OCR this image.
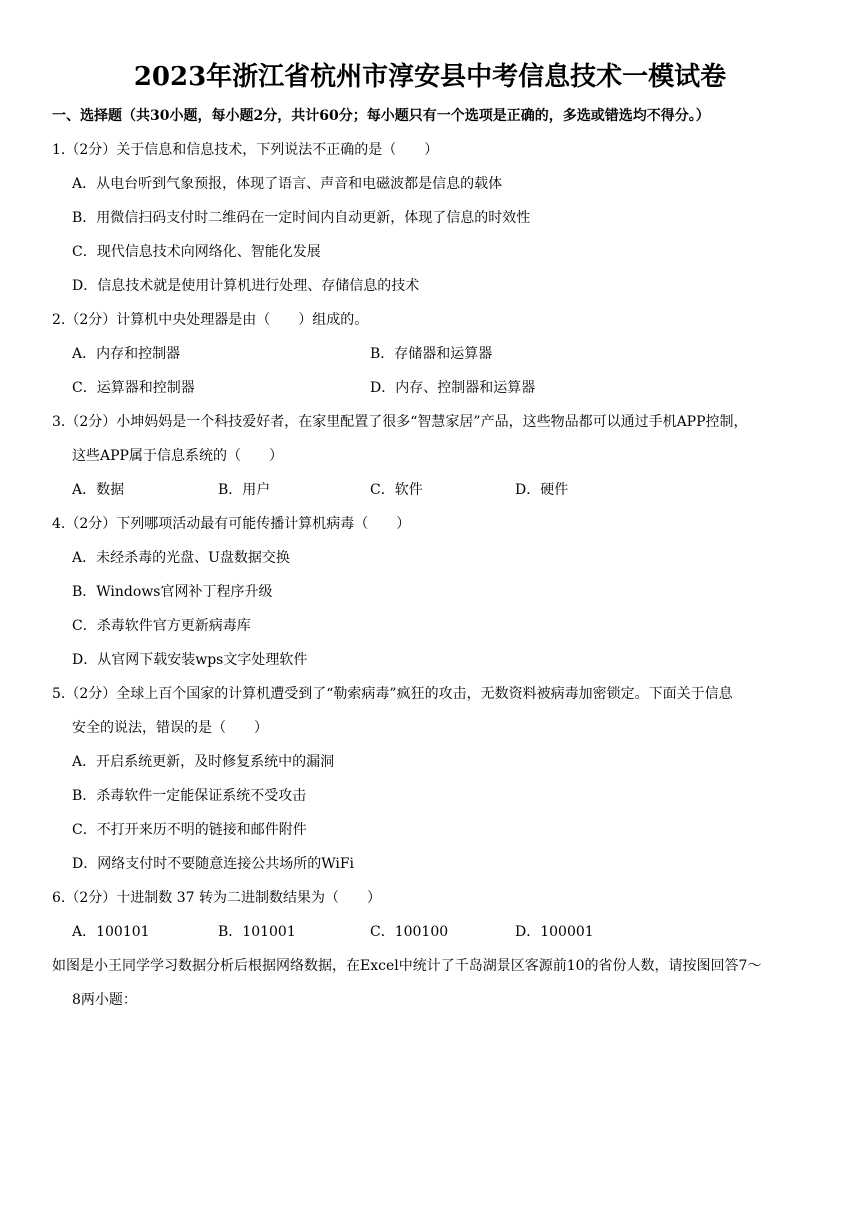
2023年浙江省杭州市淳安县中考信息技术一模试卷
一、选择题（共30小题，每小题2分，共计60分；每小题只有一个选项是正确的，多选或错选均不得分。）
1.（2分）关于信息和信息技术，下列说法不正确的是（　　）
A．从电台听到气象预报，体现了语言、声音和电磁波都是信息的载体
B．用微信扫码支付时二维码在一定时间内自动更新，体现了信息的时效性
C．现代信息技术向网络化、智能化发展
D．信息技术就是使用计算机进行处理、存储信息的技术
2.（2分）计算机中央处理器是由（　　）组成的。
A．内存和控制器	B．存储器和运算器
C．运算器和控制器	D．内存、控制器和运算器
3.（2分）小坤妈妈是一个科技爱好者，在家里配置了很多“智慧家居”产品，这些物品都可以通过手机APP控制，
这些APP属于信息系统的（　　）
A．数据	B．用户	C．软件	D．硬件
4.（2分）下列哪项活动最有可能传播计算机病毒（　　）
A．未经杀毒的光盘、U盘数据交换
B．Windows官网补丁程序升级
C．杀毒软件官方更新病毒库
D．从官网下载安装wps文字处理软件
5.（2分）全球上百个国家的计算机遭受到了“勒索病毒”疯狂的攻击，无数资料被病毒加密锁定。下面关于信息
安全的说法，错误的是（　　）
A．开启系统更新，及时修复系统中的漏洞
B．杀毒软件一定能保证系统不受攻击
C．不打开来历不明的链接和邮件附件
D．网络支付时不要随意连接公共场所的WiFi
6.（2分）十进制数 37 转为二进制数结果为（　　）
A．100101	B．101001	C．100100	D．100001
如图是小王同学学习数据分析后根据网络数据，在Excel中统计了千岛湖景区客源前10的省份人数，请按图回答7～
8两小题：
